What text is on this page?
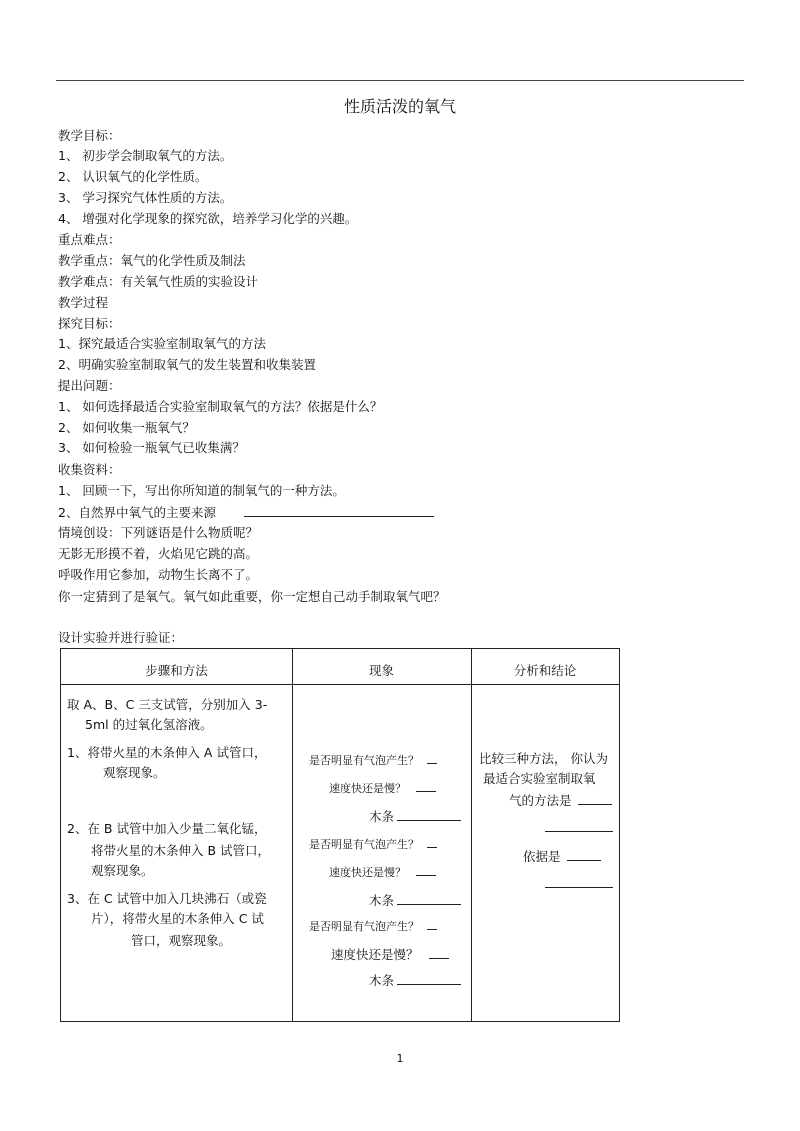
性质活泼的氧气
教学目标：
1、 初步学会制取氧气的方法。
2、 认识氧气的化学性质。
3、 学习探究气体性质的方法。
4、 增强对化学现象的探究欲，培养学习化学的兴趣。
重点难点：
教学重点：氧气的化学性质及制法
教学难点：有关氧气性质的实验设计
教学过程
探究目标：
1、探究最适合实验室制取氧气的方法
2、明确实验室制取氧气的发生装置和收集装置
提出问题：
1、 如何选择最适合实验室制取氧气的方法？依据是什么？
2、 如何收集一瓶氧气？
3、 如何检验一瓶氧气已收集满？
收集资料：
1、 回顾一下，写出你所知道的制氧气的一种方法。
2、自然界中氧气的主要来源
情境创设：下列谜语是什么物质呢？
无影无形摸不着，火焰见它跳的高。
呼吸作用它参加，动物生长离不了。
你一定猜到了是氧气。氧气如此重要，你一定想自己动手制取氧气吧？
设计实验并进行验证：
步骤和方法	现象	分析和结论
取 A、B、C 三支试管，分别加入 3-
5ml 的过氧化氢溶液。
1、将带火星的木条伸入 A 试管口，
观察现象。
2、在 B 试管中加入少量二氧化锰，
将带火星的木条伸入 B 试管口，
观察现象。
3、在 C 试管中加入几块沸石（或瓷
片），将带火星的木条伸入 C 试
管口，观察现象。
是否明显有气泡产生？
速度快还是慢？
木条
是否明显有气泡产生？
速度快还是慢？
木条
是否明显有气泡产生？
速度快还是慢？
木条
比较三种方法， 你认为
最适合实验室制取氧
气的方法是
依据是
1
